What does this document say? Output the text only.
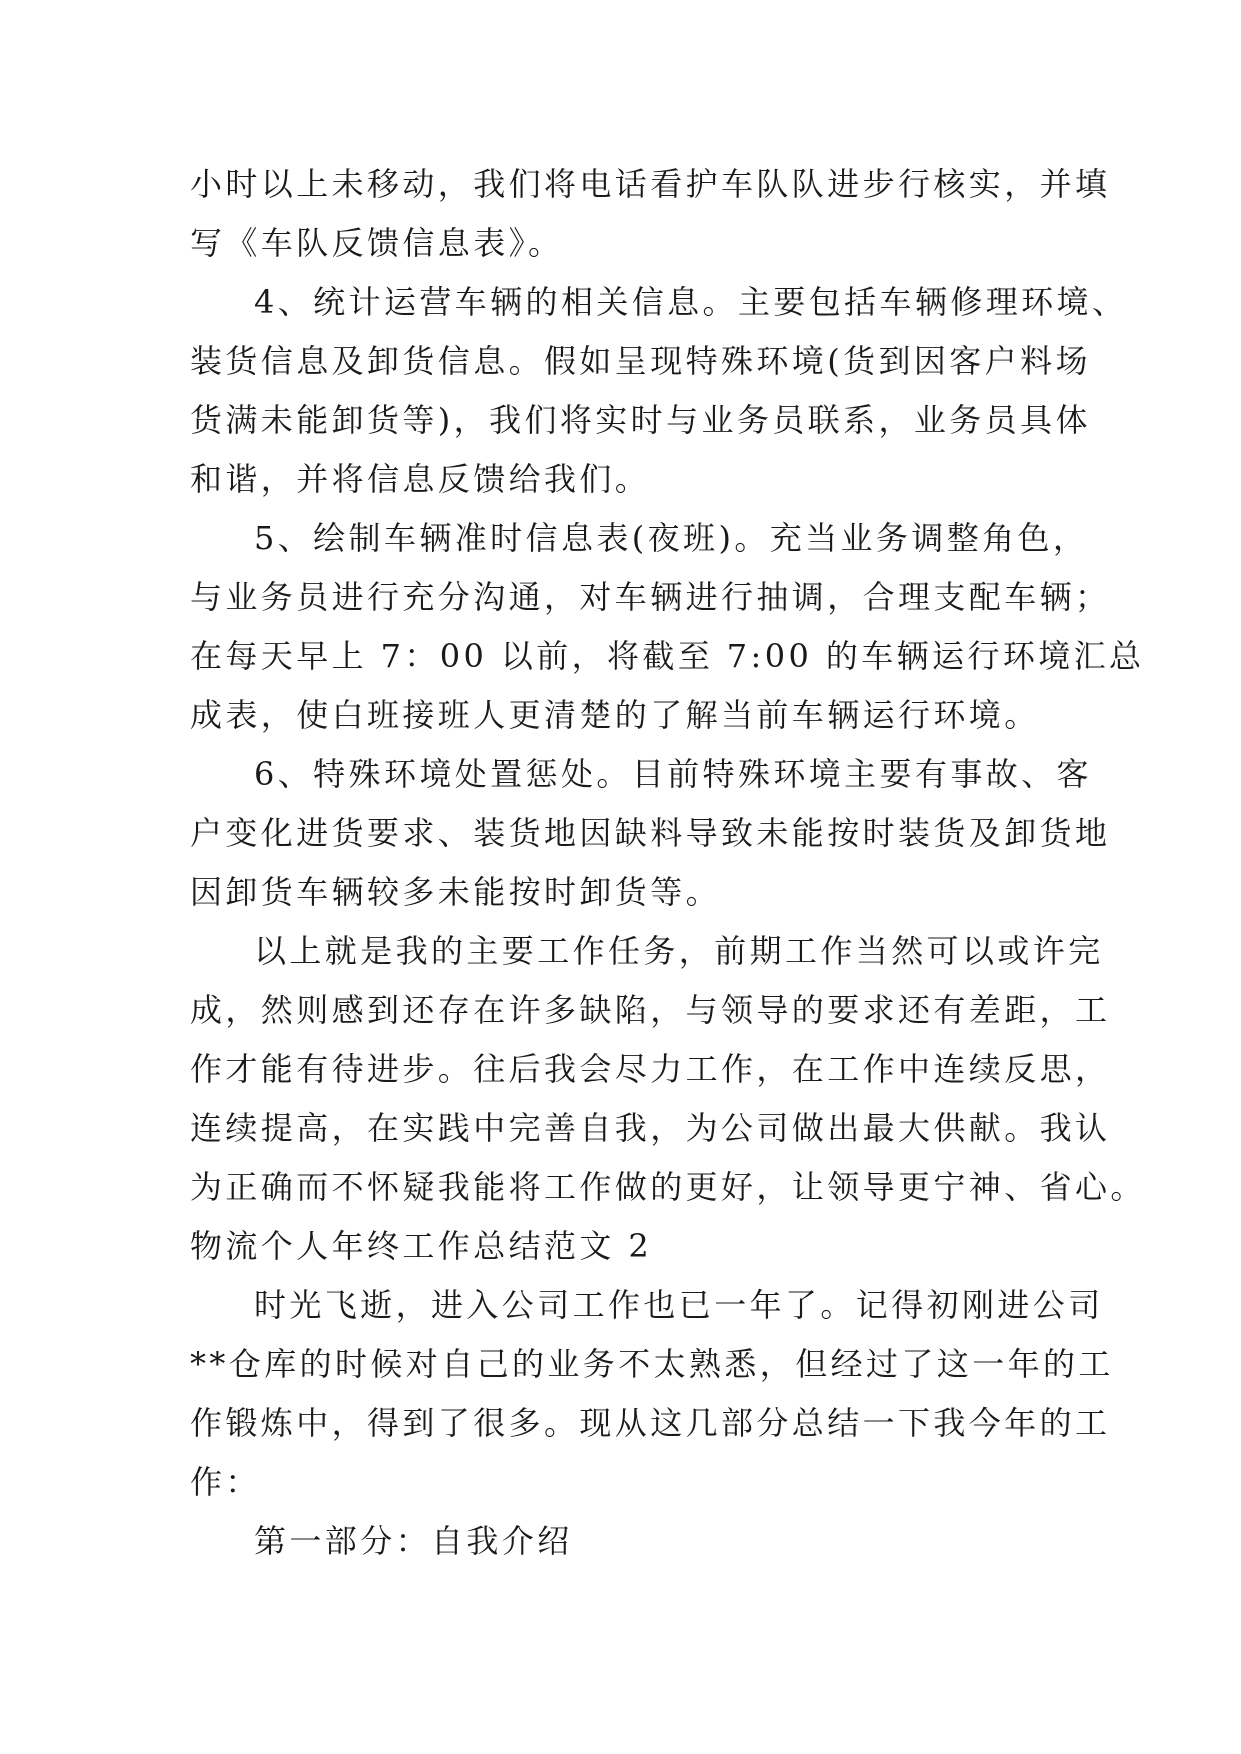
小时以上未移动，我们将电话看护车队队进步行核实，并填
写《车队反馈信息表》。
4、统计运营车辆的相关信息。主要包括车辆修理环境、
装货信息及卸货信息。假如呈现特殊环境(货到因客户料场
货满未能卸货等)，我们将实时与业务员联系，业务员具体
和谐，并将信息反馈给我们。
5、绘制车辆准时信息表(夜班)。充当业务调整角色，
与业务员进行充分沟通，对车辆进行抽调，合理支配车辆；
在每天早上 7：00 以前，将截至 7:00 的车辆运行环境汇总
成表，使白班接班人更清楚的了解当前车辆运行环境。
6、特殊环境处置惩处。目前特殊环境主要有事故、客
户变化进货要求、装货地因缺料导致未能按时装货及卸货地
因卸货车辆较多未能按时卸货等。
以上就是我的主要工作任务，前期工作当然可以或许完
成，然则感到还存在许多缺陷，与领导的要求还有差距，工
作才能有待进步。往后我会尽力工作，在工作中连续反思，
连续提高，在实践中完善自我，为公司做出最大供献。我认
为正确而不怀疑我能将工作做的更好，让领导更宁神、省心。
物流个人年终工作总结范文 2
时光飞逝，进入公司工作也已一年了。记得初刚进公司
**仓库的时候对自己的业务不太熟悉，但经过了这一年的工
作锻炼中，得到了很多。现从这几部分总结一下我今年的工
作：
第一部分：自我介绍
